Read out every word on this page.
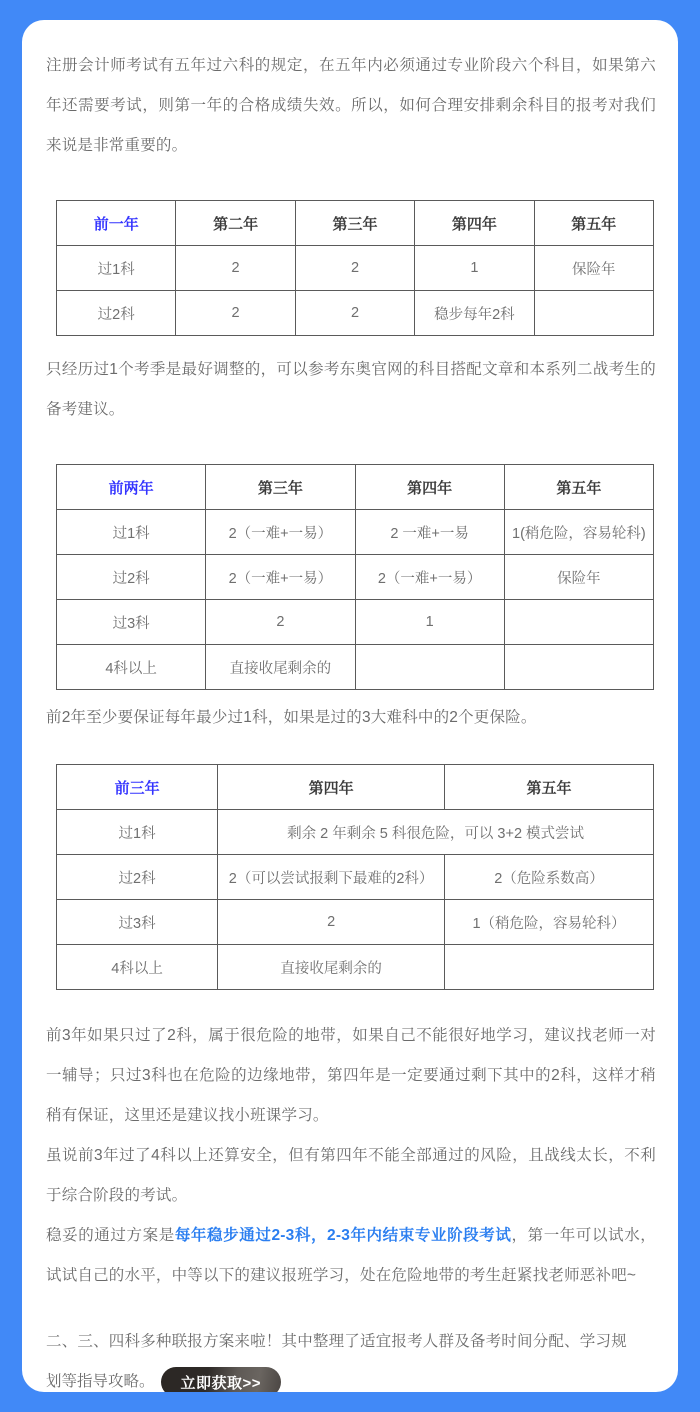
注册会计师考试有五年过六科的规定，在五年内必须通过专业阶段六个科目，如果第六年还需要考试，则第一年的合格成绩失效。所以，如何合理安排剩余科目的报考对我们来说是非常重要的。

前一年	第二年	第三年	第四年	第五年
过1科	2	2	1	保险年
过2科	2	2	稳步每年2科	

只经历过1个考季是最好调整的，可以参考东奥官网的科目搭配文章和本系列二战考生的备考建议。

前两年	第三年	第四年	第五年
过1科	2（一难+一易）	2 一难+一易	1(稍危险，容易轮科)
过2科	2（一难+一易）	2（一难+一易）	保险年
过3科	2	1	
4科以上	直接收尾剩余的		

前2年至少要保证每年最少过1科，如果是过的3大难科中的2个更保险。

前三年	第四年	第五年
过1科	剩余 2 年剩余 5 科很危险，可以 3+2 模式尝试	
过2科	2（可以尝试报剩下最难的2科）	2（危险系数高）
过3科	2	1（稍危险，容易轮科）
4科以上	直接收尾剩余的	

前3年如果只过了2科，属于很危险的地带，如果自己不能很好地学习，建议找老师一对一辅导；只过3科也在危险的边缘地带，第四年是一定要通过剩下其中的2科，这样才稍稍有保证，这里还是建议找小班课学习。

虽说前3年过了4科以上还算安全，但有第四年不能全部通过的风险，且战线太长，不利于综合阶段的考试。

稳妥的通过方案是每年稳步通过2-3科，2-3年内结束专业阶段考试，第一年可以试水，试试自己的水平，中等以下的建议报班学习，处在危险地带的考生赶紧找老师恶补吧~

二、三、四科多种联报方案来啦！其中整理了适宜报考人群及备考时间分配、学习规

划等指导攻略。	立即获取>>
